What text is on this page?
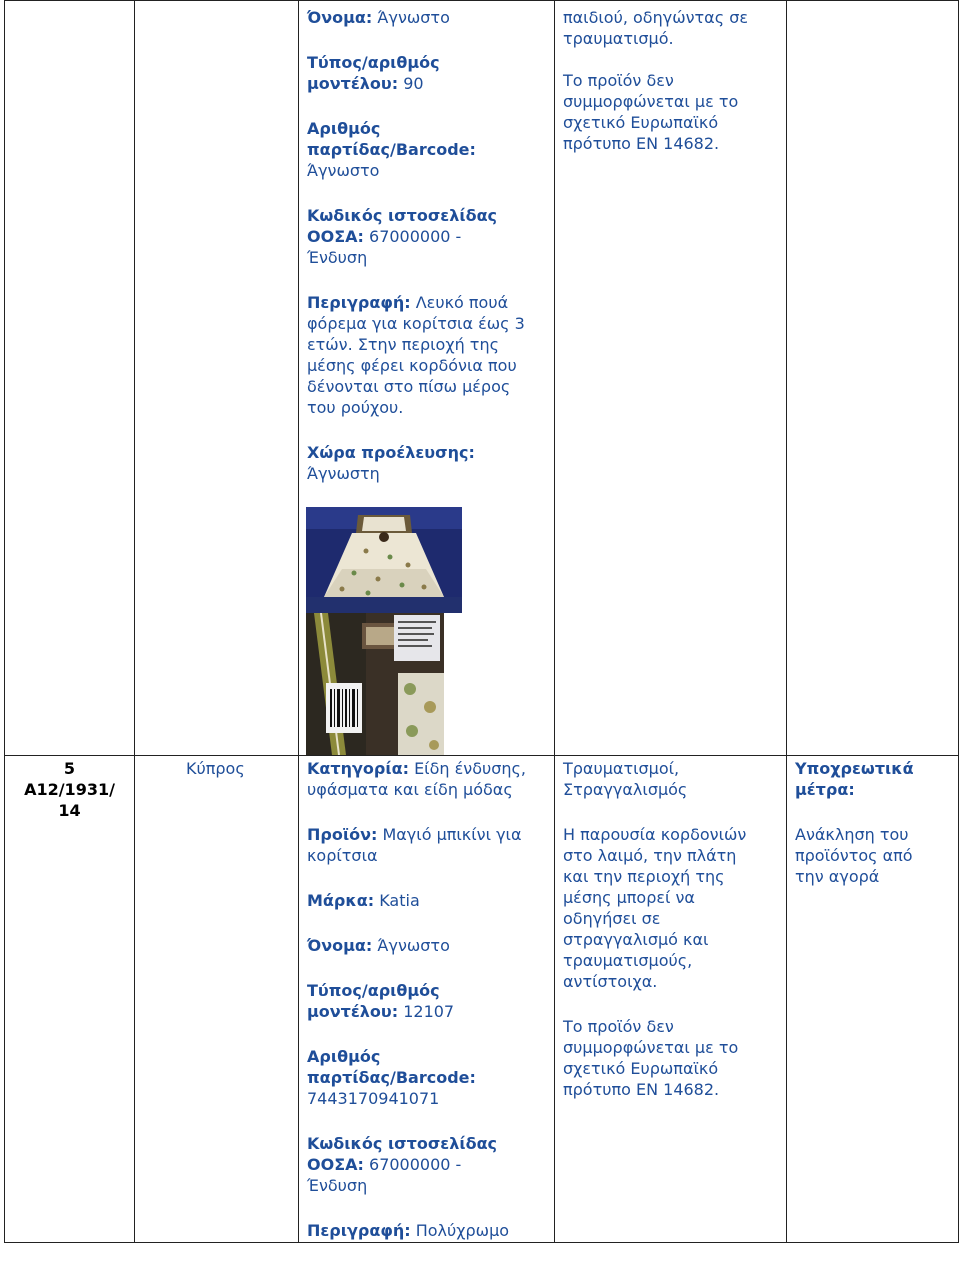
Όνομα: Άγνωστο

Τύπος/αριθμός
μοντέλου: 90

Αριθμός
παρτίδας/Barcode:
Άγνωστο

Κωδικός ιστοσελίδας
ΟΟΣΑ: 67000000 -
Ένδυση

Περιγραφή: Λευκό πουά
φόρεμα για κορίτσια έως 3
ετών. Στην περιοχή της
μέσης φέρει κορδόνια που
δένονται στο πίσω μέρος
του ρούχου.

Χώρα προέλευσης:
Άγνωστη

παιδιού, οδηγώντας σε
τραυματισμό.

Το προϊόν δεν
συμμορφώνεται με το
σχετικό Ευρωπαϊκό
πρότυπο EN 14682.

5
A12/1931/
14
Κύπρος	Κατηγορία: Είδη ένδυσης,
υφάσματα και είδη μόδας

Προϊόν: Μαγιό μπικίνι για
κορίτσια

Μάρκα: Katia

Όνομα: Άγνωστο

Τύπος/αριθμός
μοντέλου: 12107

Αριθμός
παρτίδας/Barcode:
7443170941071

Κωδικός ιστοσελίδας
ΟΟΣΑ: 67000000 -
Ένδυση

Περιγραφή: Πολύχρωμο

Τραυματισμοί,
Στραγγαλισμός

Η παρουσία κορδονιών
στο λαιμό, την πλάτη
και την περιοχή της
μέσης μπορεί να
οδηγήσει σε
στραγγαλισμό και
τραυματισμούς,
αντίστοιχα.

Το προϊόν δεν
συμμορφώνεται με το
σχετικό Ευρωπαϊκό
πρότυπο EN 14682.

Υποχρεωτικά
μέτρα:

Ανάκληση του
προϊόντος από
την αγορά
